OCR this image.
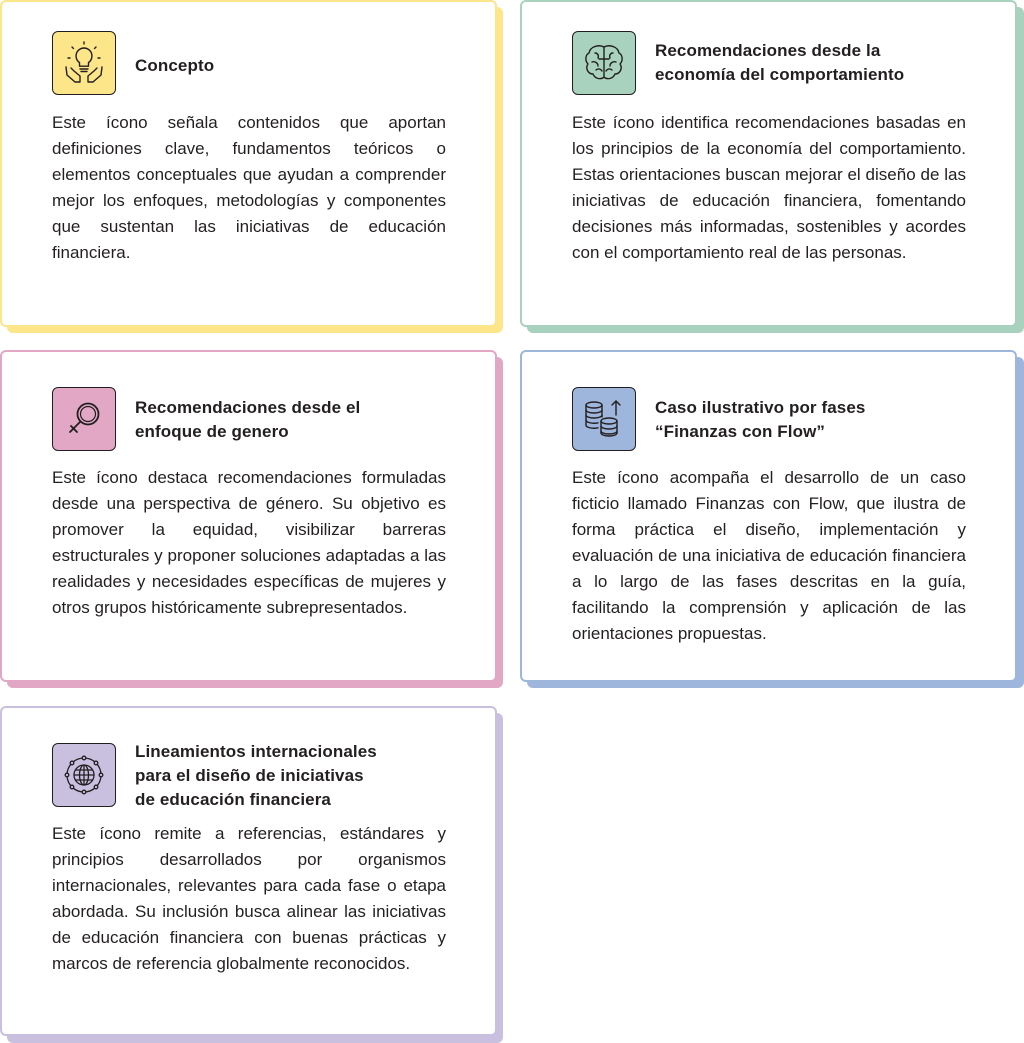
Concepto
Este ícono señala contenidos que aportan definiciones clave, fundamentos teóricos o elementos conceptuales que ayudan a comprender mejor los enfoques, metodologías y componentes que sustentan las iniciativas de educación financiera.
Recomendaciones desde la
economía del comportamiento
Este ícono identifica recomendaciones basadas en los principios de la economía del comportamiento. Estas orientaciones buscan mejorar el diseño de las iniciativas de educación financiera, fomentando decisiones más informadas, sostenibles y acordes con el comportamiento real de las personas.
Recomendaciones desde el
enfoque de genero
Este ícono destaca recomendaciones formuladas desde una perspectiva de género. Su objetivo es promover la equidad, visibilizar barreras estructurales y proponer soluciones adaptadas a las realidades y necesidades específicas de mujeres y otros grupos históricamente subrepresentados.
Caso ilustrativo por fases
“Finanzas con Flow”
Este ícono acompaña el desarrollo de un caso ficticio llamado Finanzas con Flow, que ilustra de forma práctica el diseño, implementación y evaluación de una iniciativa de educación financiera a lo largo de las fases descritas en la guía, facilitando la comprensión y aplicación de las orientaciones propuestas.
Lineamientos internacionales
para el diseño de iniciativas
de educación financiera
Este ícono remite a referencias, estándares y principios desarrollados por organismos internacionales, relevantes para cada fase o etapa abordada. Su inclusión busca alinear las iniciativas de educación financiera con buenas prácticas y marcos de referencia globalmente reconocidos.
